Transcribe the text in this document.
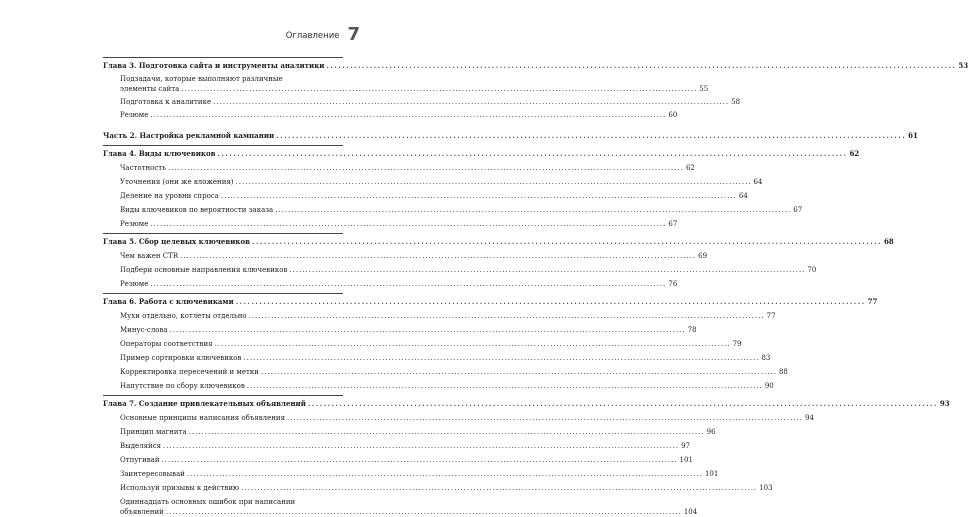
Оглавление 7
Глава 3. Подготовка сайта и инструменты аналитики ................................................................................................................................................................ 53
Подзадачи, которые выполняют различные
элементы сайта ................................................................................................................................................................ 55
Подготовка к аналитике ................................................................................................................................................................ 58
Резюме ................................................................................................................................................................ 60
Часть 2. Настройка рекламной кампании ................................................................................................................................................................ 61
Глава 4. Виды ключевиков ................................................................................................................................................................ 62
Частотность ................................................................................................................................................................ 62
Уточнения (они же вложения) ................................................................................................................................................................ 64
Деление на уровни спроса ................................................................................................................................................................ 64
Виды ключевиков по вероятности заказа ................................................................................................................................................................ 67
Резюме ................................................................................................................................................................ 67
Глава 5. Сбор целевых ключевиков ................................................................................................................................................................ 68
Чем важен CTR ................................................................................................................................................................ 69
Подбери основные направления ключевиков ................................................................................................................................................................ 70
Резюме ................................................................................................................................................................ 76
Глава 6. Работа с ключевиками ................................................................................................................................................................ 77
Мухи отдельно, котлеты отдельно ................................................................................................................................................................ 77
Минус-слова ................................................................................................................................................................ 78
Операторы соответствия ................................................................................................................................................................ 79
Пример сортировки ключевиков ................................................................................................................................................................ 83
Корректировка пересечений и метки ................................................................................................................................................................ 88
Напутствие по сбору ключевиков ................................................................................................................................................................ 90
Глава 7. Создание привлекательных объявлений ................................................................................................................................................................ 93
Основные принципы написания объявления ................................................................................................................................................................ 94
Принцип магнита ................................................................................................................................................................ 96
Выделяйся ................................................................................................................................................................ 97
Отпугивай ................................................................................................................................................................ 101
Заинтересовывай ................................................................................................................................................................ 101
Используй призывы к действию ................................................................................................................................................................ 103
Одиннадцать основных ошибок при написании
объявлений ................................................................................................................................................................ 104
